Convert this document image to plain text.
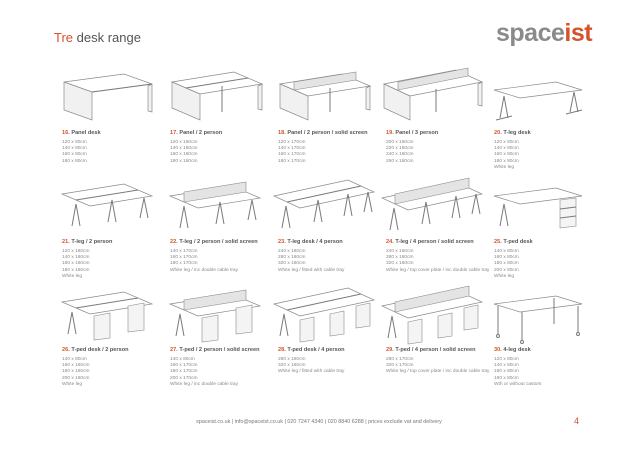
Tre desk range	spaceist
16. Panel desk
120 x 80cm
140 x 80cm
160 x 80cm
180 x 80cm
17. Panel / 2 person
120 x 160cm
140 x 160cm
160 x 160cm
180 x 160cm
18. Panel / 2 person / solid screen
120 x 170cm
140 x 170cm
160 x 170cm
180 x 170cm
19. Panel / 3 person
200 x 160cm
220 x 160cm
240 x 160cm
260 x 160cm
20. T-leg desk
120 x 80cm
140 x 80cm
160 x 80cm
180 x 80cm
White leg
21. T-leg / 2 person
120 x 160cm
140 x 160cm
160 x 160cm
180 x 160cm
White leg
22. T-leg / 2 person / solid screen
140 x 170cm
160 x 170cm
180 x 170cm
White leg / inc double cable tray
23. T-leg desk / 4 person
240 x 160cm
280 x 160cm
320 x 160cm
White leg / fitted with cable tray
24. T-leg / 4 person / solid screen
240 x 160cm
280 x 160cm
320 x 160cm
White leg / top cover plate / inc double cable tray
25. T-ped desk
140 x 80cm
160 x 80cm
180 x 80cm
200 x 80cm
White leg
26. T-ped desk / 2 person
140 x 80cm
160 x 160cm
180 x 160cm
200 x 160cm
White leg
27. T-ped / 2 person / solid screen
140 x 80cm
160 x 170cm
180 x 170cm
200 x 170cm
White leg / inc double cable tray
28. T-ped desk / 4 person
280 x 160cm
320 x 160cm
White leg / fitted with cable tray
29. T-ped / 4 person / solid screen
280 x 170cm
320 x 170cm
White leg / top cover plate / inc double cable tray
30. 4-leg desk
120 x 80cm
140 x 80cm
160 x 80cm
180 x 80cm
Wth or without castors
spaceist.co.uk | info@spaceist.co.uk | 020 7247 4340 | 020 8840 6288 | prices exclude vat and delivery	4
